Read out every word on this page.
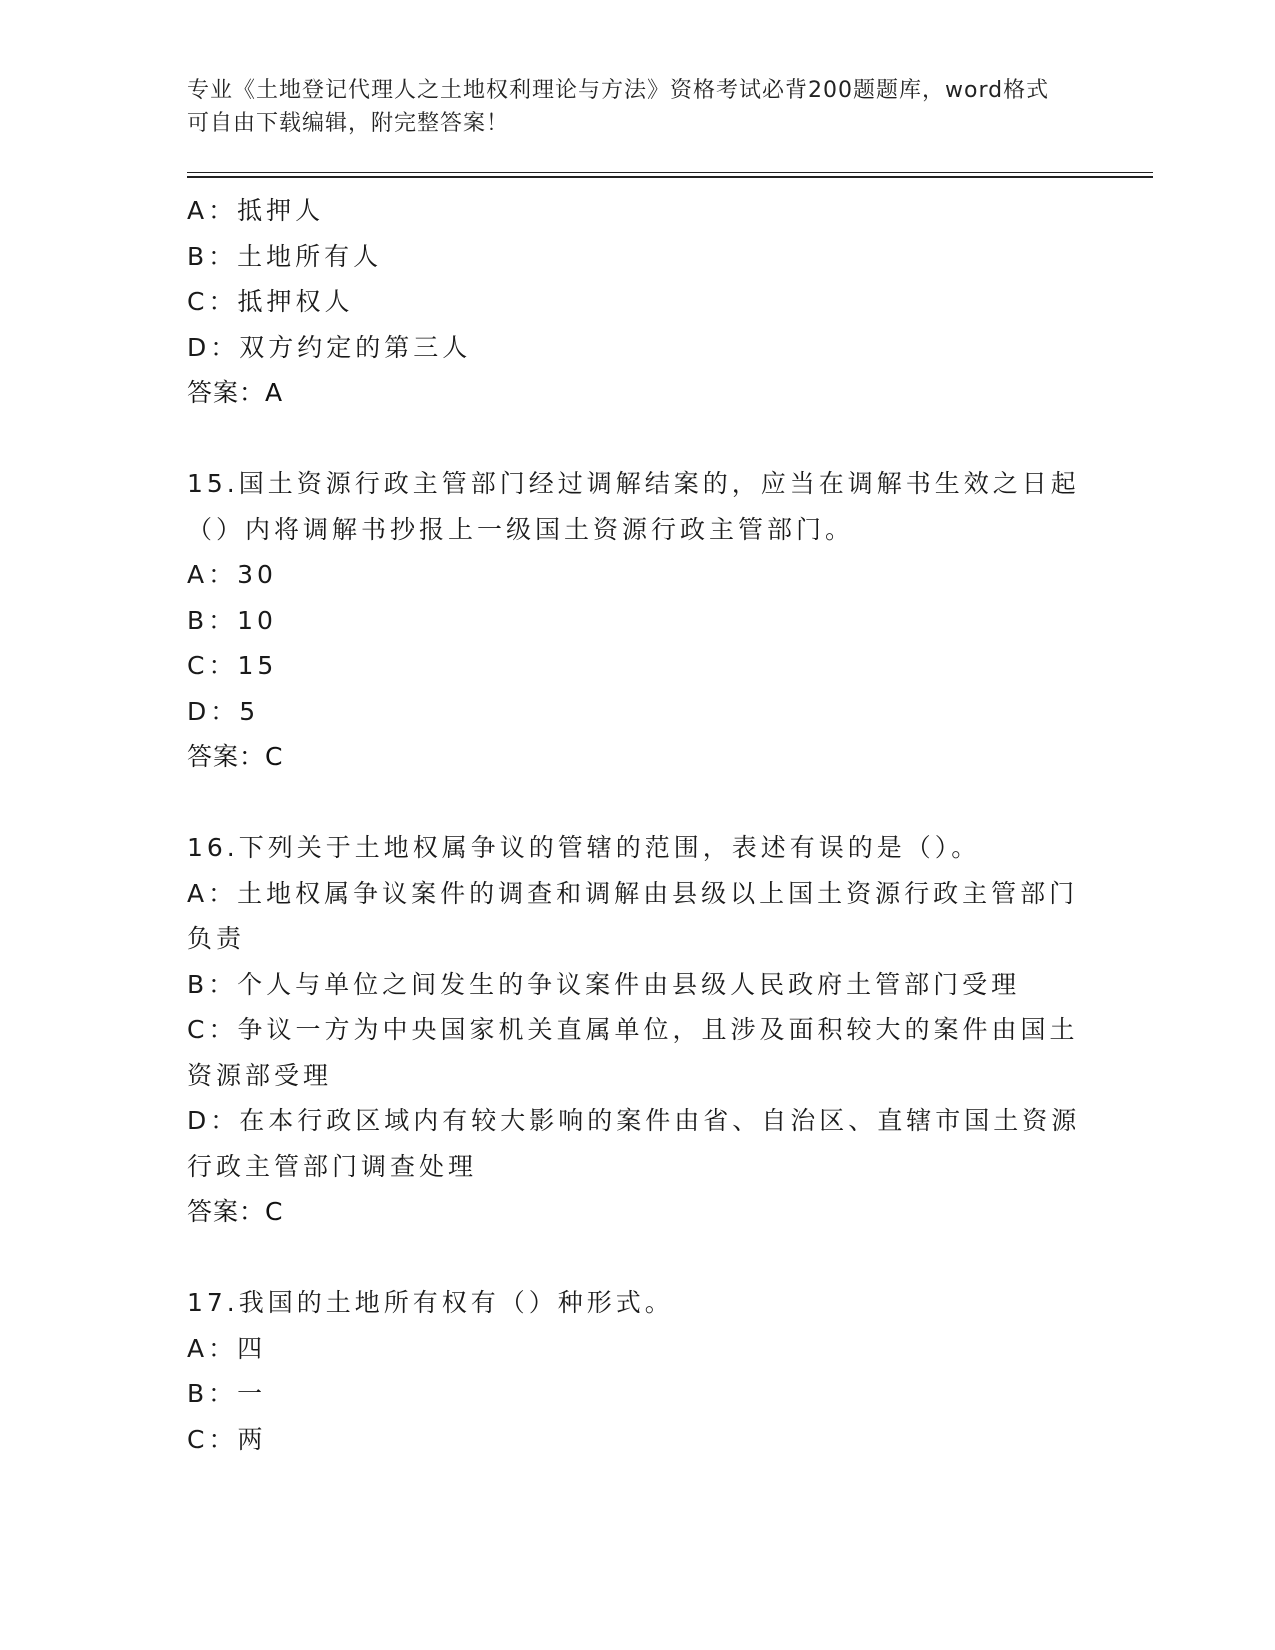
专业《土地登记代理人之土地权利理论与方法》资格考试必背200题题库，word格式可自由下载编辑，附完整答案！

A：抵押人

B：土地所有人

C：抵押权人

D：双方约定的第三人

答案：A

15.国土资源行政主管部门经过调解结案的，应当在调解书生效之日起（）内将调解书抄报上一级国土资源行政主管部门。

A：30

B：10

C：15

D：5

答案：C

16.下列关于土地权属争议的管辖的范围，表述有误的是（）。

A：土地权属争议案件的调查和调解由县级以上国土资源行政主管部门负责

B：个人与单位之间发生的争议案件由县级人民政府土管部门受理

C：争议一方为中央国家机关直属单位，且涉及面积较大的案件由国土资源部受理

D：在本行政区域内有较大影响的案件由省、自治区、直辖市国土资源行政主管部门调查处理

答案：C

17.我国的土地所有权有（）种形式。

A：四

B：一

C：两
